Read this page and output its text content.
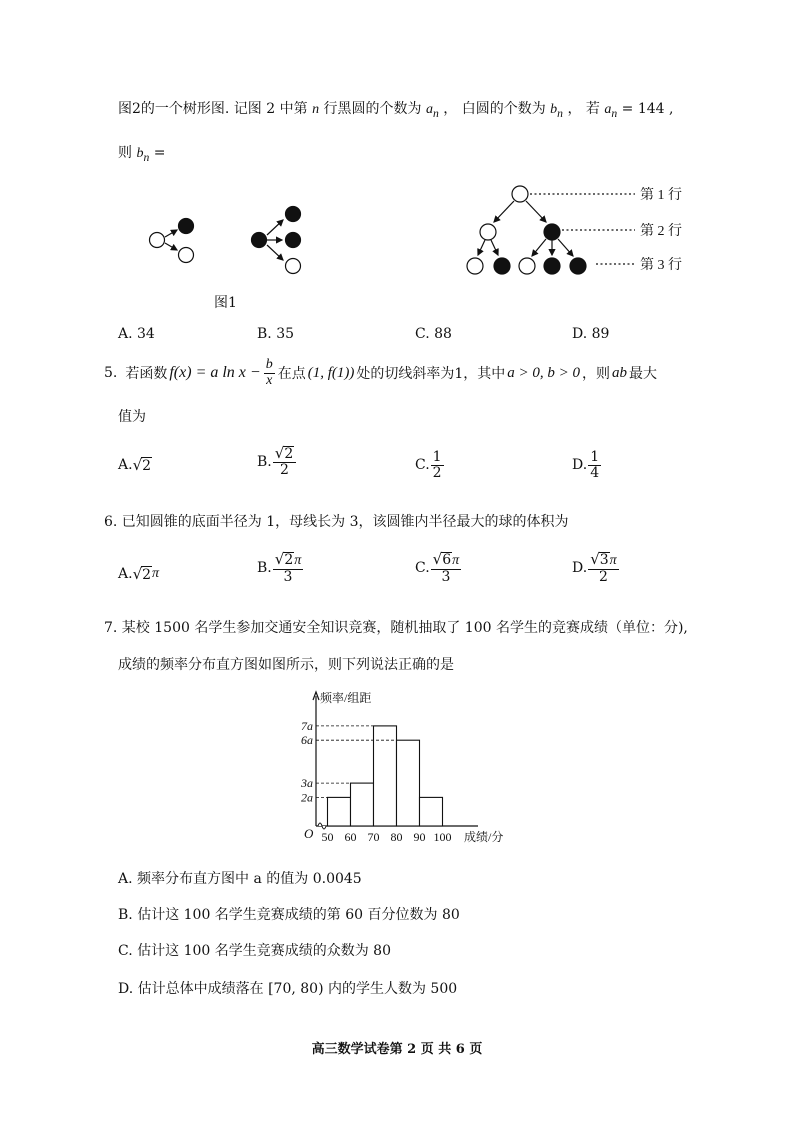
图2的一个树形图. 记图 2 中第 n 行黑圆的个数为 $a_n$ ， 白圆的个数为 $b_n$ ， 若 $a_n = 144$ ,
则 $b_n$ =
第 1 行
第 2 行
第 3 行
图1
A. 34	B. 35	C. 88	D. 89
5. 若函数 f(x) = a $\ln x - \frac{b}{x}$ 在点 (1, f(1)) 处的切线斜率为1，其中 a > 0, b > 0 ，则 ab 最大
值为
A. √ 2	B. $\frac{√ 2}{2}$	C. $\frac{1}{2}$	D. $\frac{1}{4}$
6. 已知圆锥的底面半径为 1，母线长为 3，该圆锥内半径最大的球的体积为
A. √ 2 π	B. $\frac{√ 2 \pi}{3}$	C. $\frac{√ 6 \pi}{3}$	D. $\frac{√ 3 \pi}{2}$
7. 某校 1500 名学生参加交通安全知识竞赛，随机抽取了 100 名学生的竞赛成绩（单位：分),
成绩的频率分布直方图如图所示，则下列说法正确的是
7a
6a
3a
2a
50 60 70 80 90 100
O
频率/组距
成绩/分
A. 频率分布直方图中 a 的值为 0.0045
B. 估计这 100 名学生竞赛成绩的第 60 百分位数为 80
C. 估计这 100 名学生竞赛成绩的众数为 80
D. 估计总体中成绩落在 [70, 80) 内的学生人数为 500
高三数学试卷第 2 页 共 6 页
